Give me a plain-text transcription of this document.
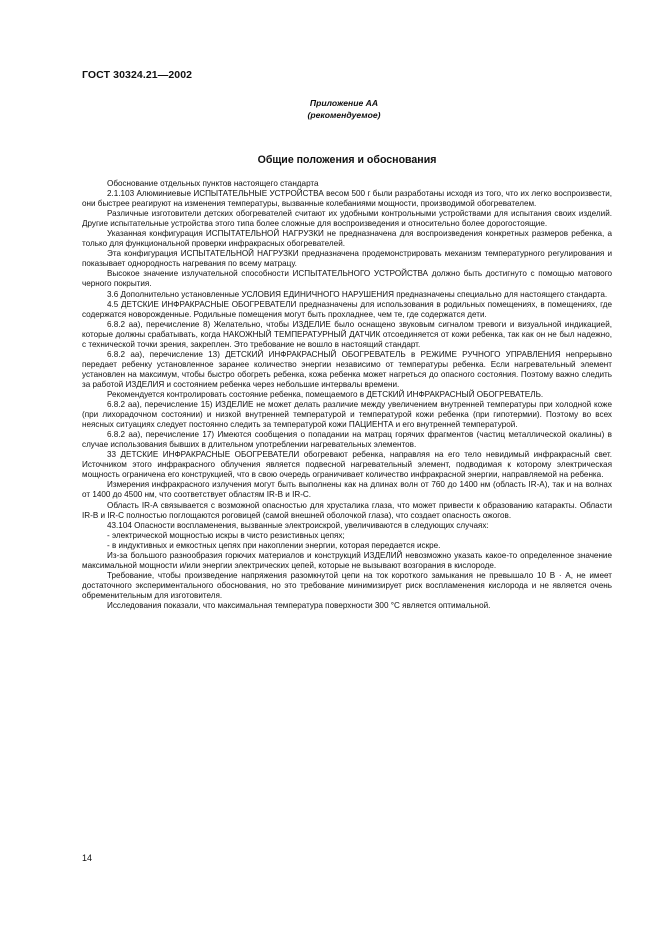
ГОСТ 30324.21—2002
Приложение АА
(рекомендуемое)
Общие положения и обоснования

Обоснование отдельных пунктов настоящего стандарта

2.1.103 Алюминиевые ИСПЫТАТЕЛЬНЫЕ УСТРОЙСТВА весом 500 г были разработаны исходя из того, что их легко воспроизвести, они быстрее реагируют на изменения температуры, вызванные колебаниями мощности, производимой обогревателем.

Различные изготовители детских обогревателей считают их удобными контрольными устройствами для испытания своих изделий. Другие испытательные устройства этого типа более сложные для воспроизведения и относительно более дорогостоящие.

Указанная конфигурация ИСПЫТАТЕЛЬНОЙ НАГРУЗКИ не предназначена для воспроизведения конкретных размеров ребенка, а только для функциональной проверки инфракрасных обогревателей.

Эта конфигурация ИСПЫТАТЕЛЬНОЙ НАГРУЗКИ предназначена продемонстрировать механизм температурного регулирования и показывает однородность нагревания по всему матрацу.

Высокое значение излучательной способности ИСПЫТАТЕЛЬНОГО УСТРОЙСТВА должно быть достигнуто с помощью матового черного покрытия.

3.6 Дополнительно установленные УСЛОВИЯ ЕДИНИЧНОГО НАРУШЕНИЯ предназначены специально для настоящего стандарта.

4.5 ДЕТСКИЕ ИНФРАКРАСНЫЕ ОБОГРЕВАТЕЛИ предназначены для использования в родильных помещениях, в помещениях, где содержатся новорожденные. Родильные помещения могут быть прохладнее, чем те, где содержатся дети.

6.8.2 аа), перечисление 8) Желательно, чтобы ИЗДЕЛИЕ было оснащено звуковым сигналом тревоги и визуальной индикацией, которые должны срабатывать, когда НАКОЖНЫЙ ТЕМПЕРАТУРНЫЙ ДАТЧИК отсоединяется от кожи ребенка, так как он не был надежно, с технической точки зрения, закреплен. Это требование не вошло в настоящий стандарт.

6.8.2 аа), перечисление 13) ДЕТСКИЙ ИНФРАКРАСНЫЙ ОБОГРЕВАТЕЛЬ в РЕЖИМЕ РУЧНОГО УПРАВЛЕНИЯ непрерывно передает ребенку установленное заранее количество энергии независимо от температуры ребенка. Если нагревательный элемент установлен на максимум, чтобы быстро обогреть ребенка, кожа ребенка может нагреться до опасного состояния. Поэтому важно следить за работой ИЗДЕЛИЯ и состоянием ребенка через небольшие интервалы времени.

Рекомендуется контролировать состояние ребенка, помещаемого в ДЕТСКИЙ ИНФРАКРАСНЫЙ ОБОГРЕВАТЕЛЬ.

6.8.2 аа), перечисление 15) ИЗДЕЛИЕ не может делать различие между увеличением внутренней температуры при холодной коже (при лихорадочном состоянии) и низкой внутренней температурой и температурой кожи ребенка (при гипотермии). Поэтому во всех неясных ситуациях следует постоянно следить за температурой кожи ПАЦИЕНТА и его внутренней температурой.

6.8.2 аа), перечисление 17) Имеются сообщения о попадании на матрац горячих фрагментов (частиц металлической окалины) в случае использования бывших в длительном употреблении нагревательных элементов.

33 ДЕТСКИЕ ИНФРАКРАСНЫЕ ОБОГРЕВАТЕЛИ обогревают ребенка, направляя на его тело невидимый инфракрасный свет. Источником этого инфракрасного облучения является подвесной нагревательный элемент, подводимая к которому электрическая мощность ограничена его конструкцией, что в свою очередь ограничивает количество инфракрасной энергии, направляемой на ребенка.

Измерения инфракрасного излучения могут быть выполнены как на длинах волн от 760 до 1400 нм (область IR-A), так и на волнах от 1400 до 4500 нм, что соответствует областям IR-B и IR-C.

Область IR-A связывается с возможной опасностью для хрусталика глаза, что может привести к образованию катаракты. Области IR-B и IR-C полностью поглощаются роговицей (самой внешней оболочкой глаза), что создает опасность ожогов.

43.104 Опасности воспламенения, вызванные электроискрой, увеличиваются в следующих случаях:

- электрической мощностью искры в чисто резистивных цепях;

- в индуктивных и емкостных цепях при накоплении энергии, которая передается искре.

Из-за большого разнообразия горючих материалов и конструкций ИЗДЕЛИЙ невозможно указать какое-то определенное значение максимальной мощности и/или энергии электрических цепей, которые не вызывают возгорания в кислороде.

Требование, чтобы произведение напряжения разомкнутой цепи на ток короткого замыкания не превышало 10 В · А, не имеет достаточного экспериментального обоснования, но это требование минимизирует риск воспламенения кислорода и не является очень обременительным для изготовителя.

Исследования показали, что максимальная температура поверхности 300 °С является оптимальной.

14
